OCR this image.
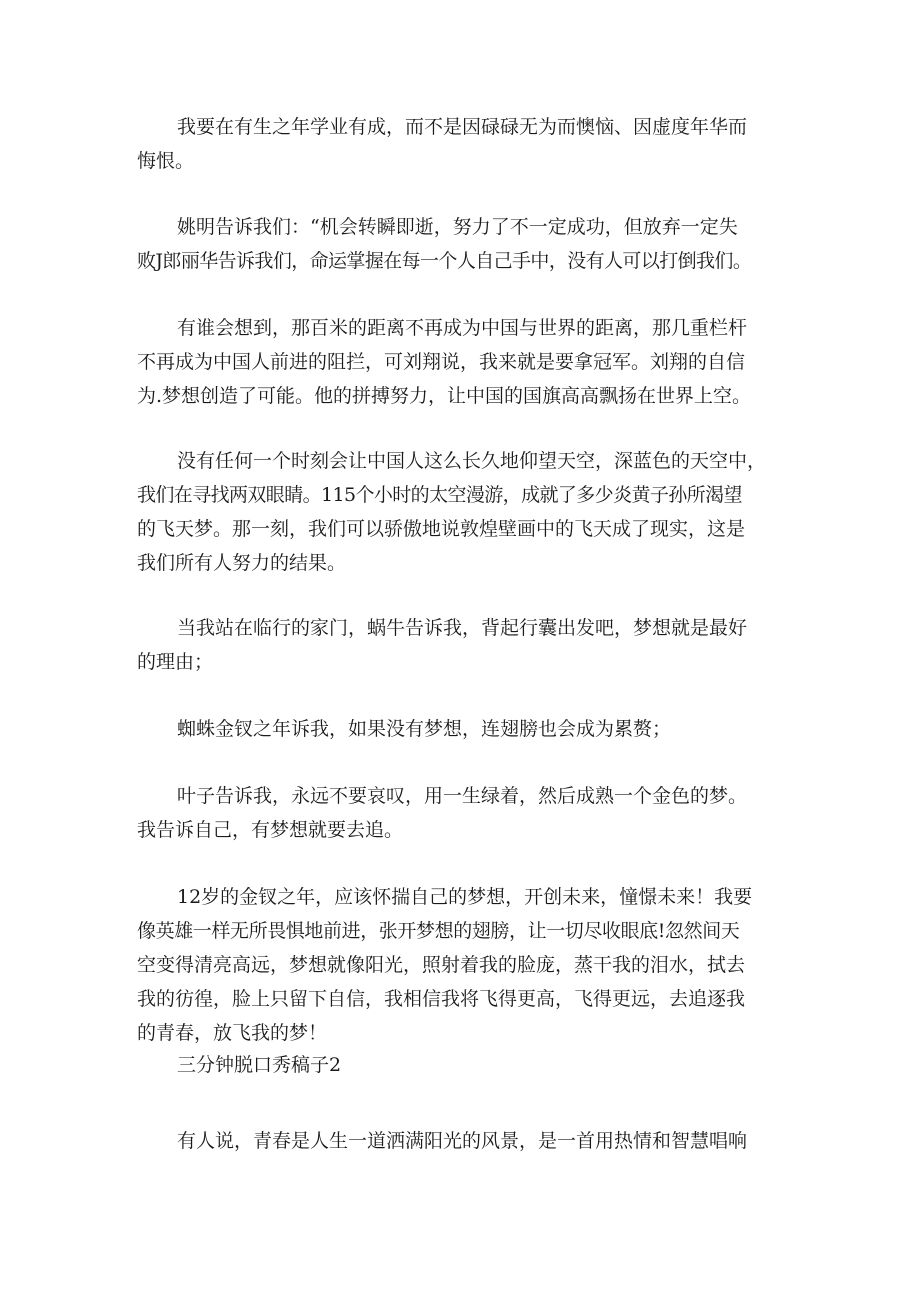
我要在有生之年学业有成，而不是因碌碌无为而懊恼、因虚度年华而
悔恨。
姚明告诉我们：“机会转瞬即逝，努力了不一定成功，但放弃一定失
败J郎丽华告诉我们，命运掌握在每一个人自己手中，没有人可以打倒我们。
有谁会想到，那百米的距离不再成为中国与世界的距离，那几重栏杆
不再成为中国人前进的阻拦，可刘翔说，我来就是要拿冠军。刘翔的自信
为.梦想创造了可能。他的拼搏努力，让中国的国旗高高飘扬在世界上空。
没有任何一个时刻会让中国人这么长久地仰望天空，深蓝色的天空中，
我们在寻找两双眼睛。115个小时的太空漫游，成就了多少炎黄子孙所渴望
的飞天梦。那一刻，我们可以骄傲地说敦煌壁画中的飞天成了现实，这是
我们所有人努力的结果。
当我站在临行的家门，蜗牛告诉我，背起行囊出发吧，梦想就是最好
的理由；
蜘蛛金钗之年诉我，如果没有梦想，连翅膀也会成为累赘；
叶子告诉我，永远不要哀叹，用一生绿着，然后成熟一个金色的梦。
我告诉自己，有梦想就要去追。
12岁的金钗之年，应该怀揣自己的梦想，开创未来，憧憬未来！我要
像英雄一样无所畏惧地前进，张开梦想的翅膀，让一切尽收眼底!忽然间天
空变得清亮高远，梦想就像阳光，照射着我的脸庞，蒸干我的泪水，拭去
我的彷徨，脸上只留下自信，我相信我将飞得更高，飞得更远，去追逐我
的青春，放飞我的梦！
三分钟脱口秀稿子2
有人说，青春是人生一道洒满阳光的风景，是一首用热情和智慧唱响
